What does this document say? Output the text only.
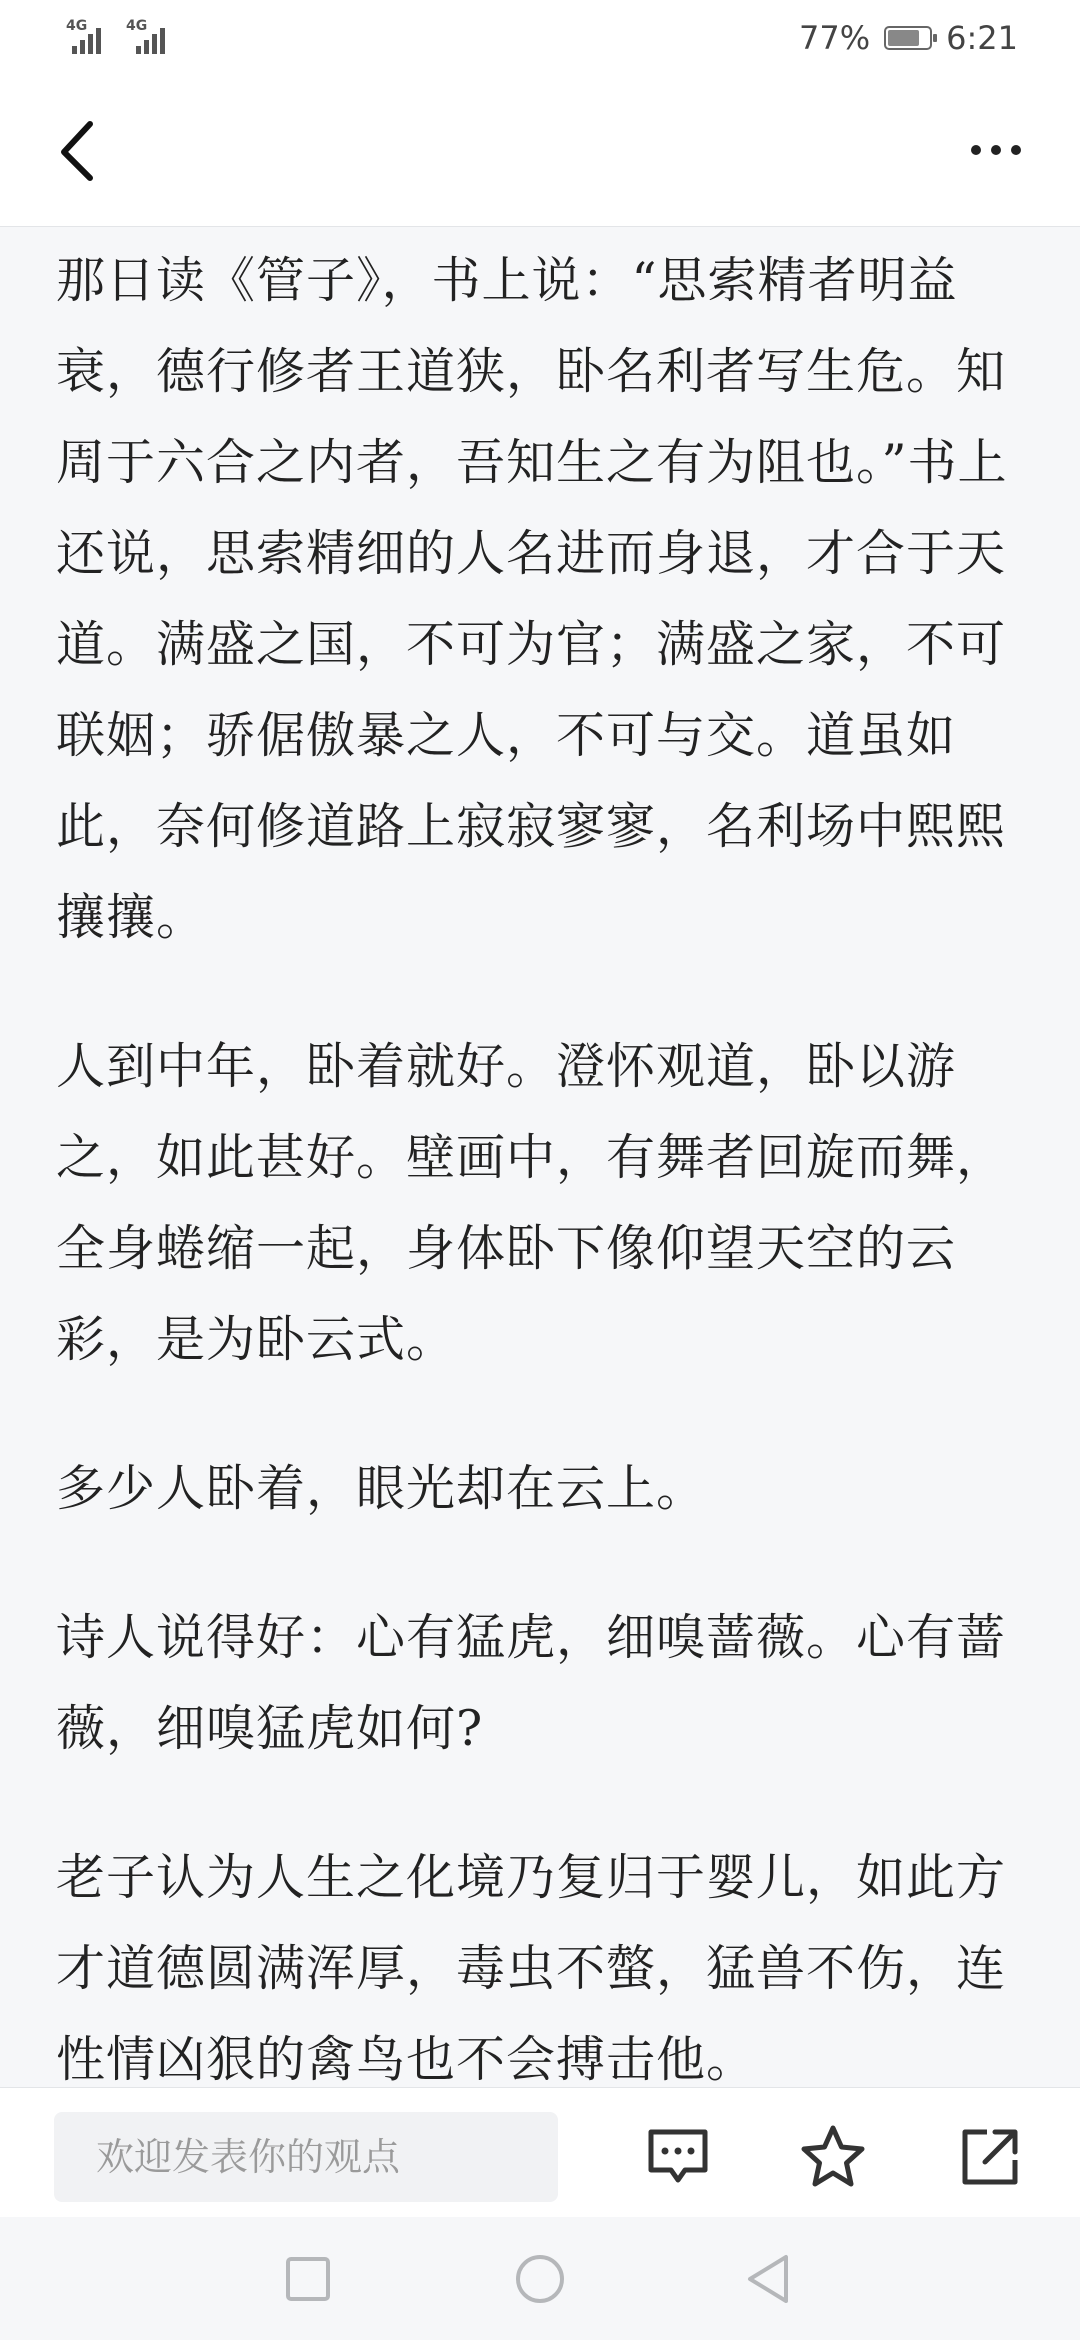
4G	4G	77% 6:21

那日读《管子》，书上说：“思索精者明益衰，德行修者王道狭，卧名利者写生危。知周于六合之内者，吾知生之有为阻也。”书上还说，思索精细的人名进而身退，才合于天道。满盛之国，不可为官；满盛之家，不可联姻；骄倨傲暴之人，不可与交。道虽如此，奈何修道路上寂寂寥寥，名利场中熙熙攘攘。

人到中年，卧着就好。澄怀观道，卧以游之，如此甚好。壁画中，有舞者回旋而舞，全身蜷缩一起，身体卧下像仰望天空的云彩，是为卧云式。

多少人卧着，眼光却在云上。

诗人说得好：心有猛虎，细嗅蔷薇。心有蔷薇，细嗅猛虎如何?

老子认为人生之化境乃复归于婴儿，如此方才道德圆满浑厚，毒虫不螫，猛兽不伤，连性情凶狠的禽鸟也不会搏击他。

欢迎发表你的观点
